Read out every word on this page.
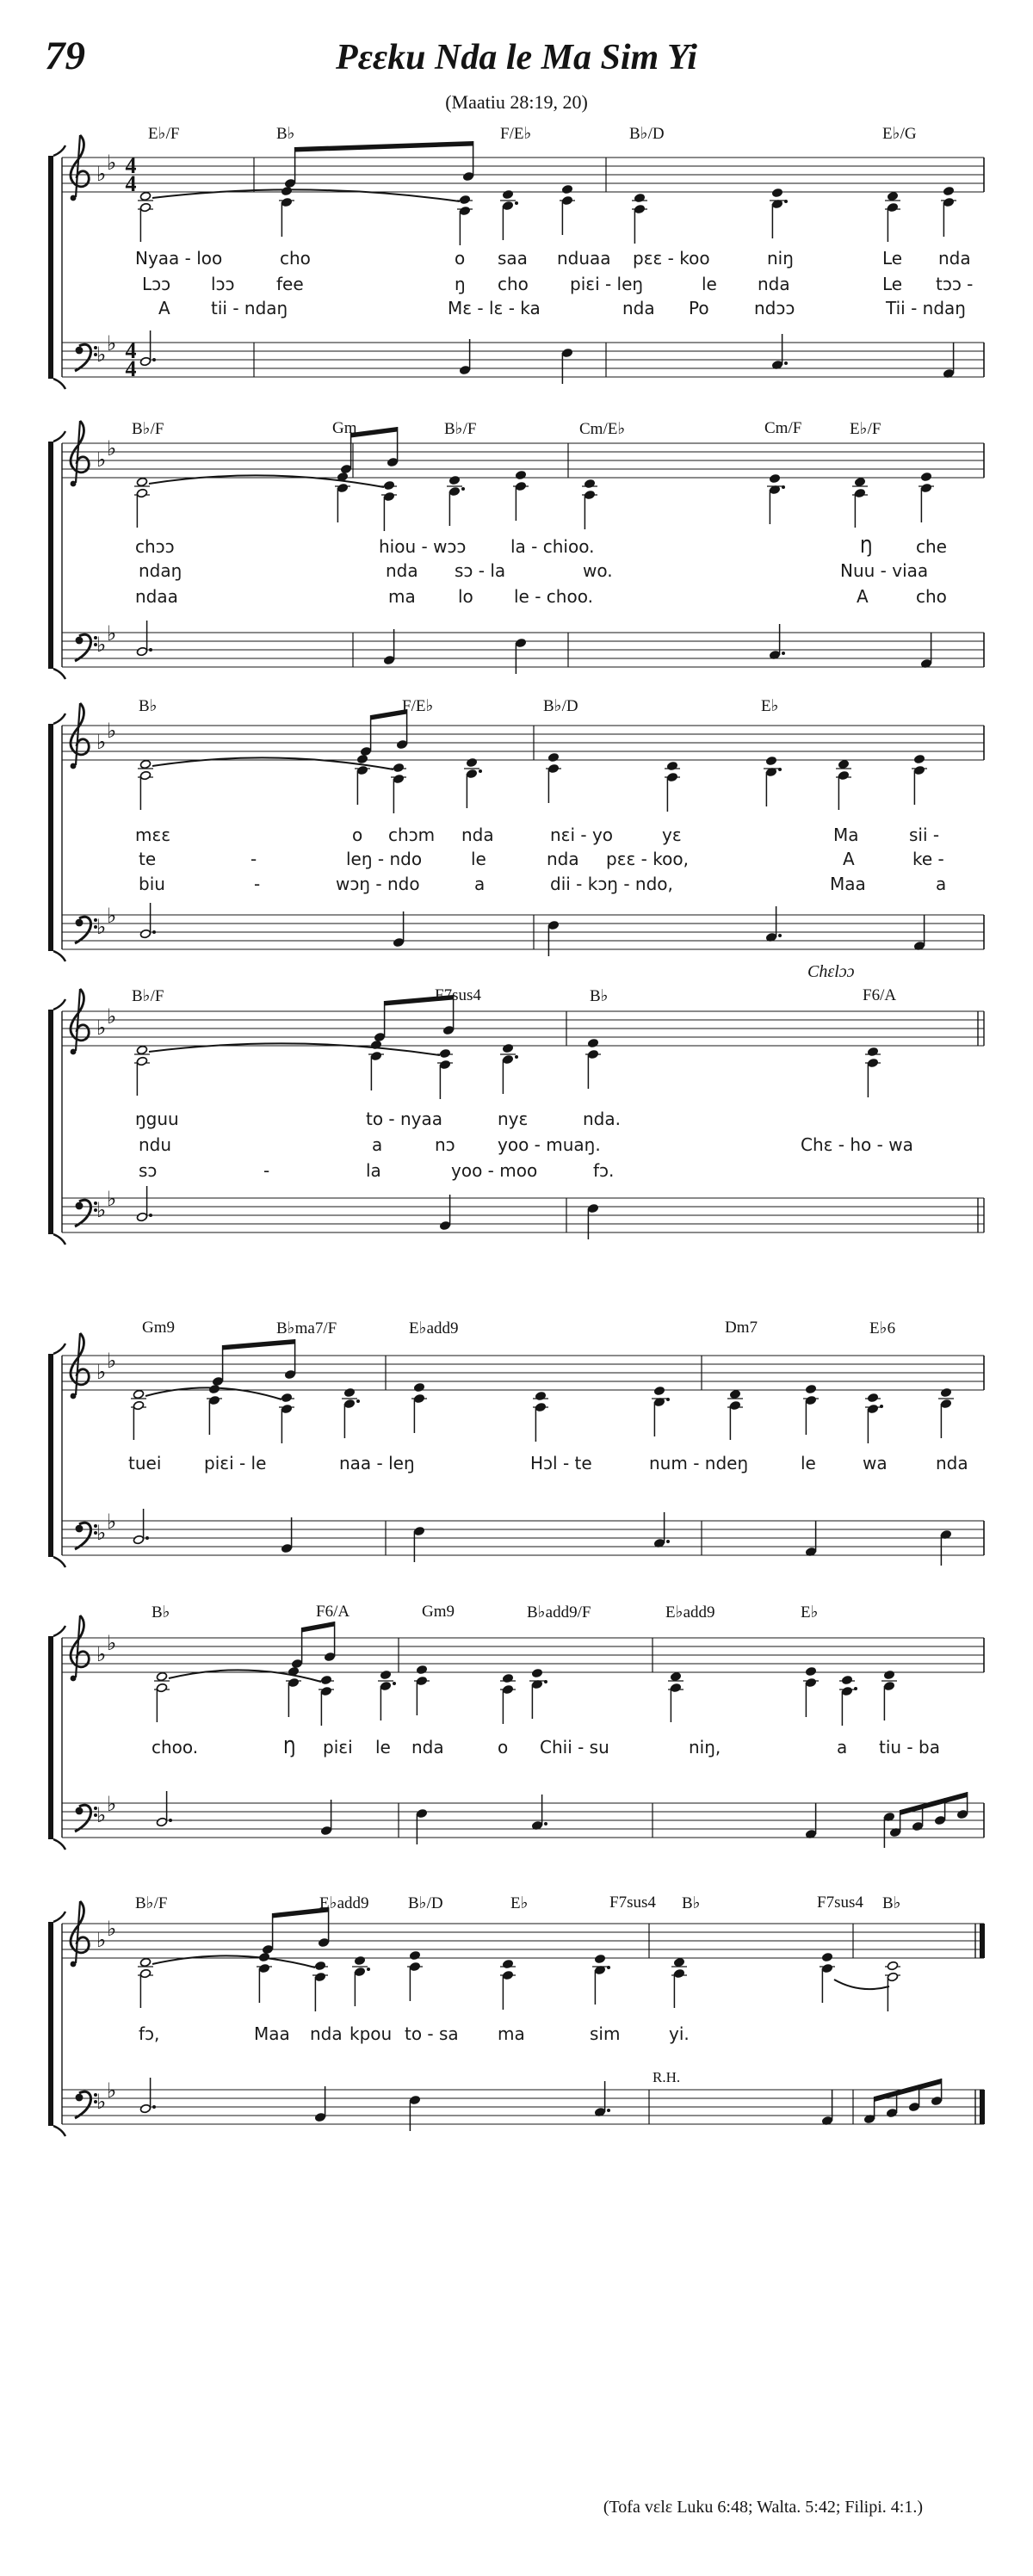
♭ ♭
♭ ♭
4
4
4
4
♭ ♭
♭ ♭
♭ ♭
♭ ♭
♭ ♭
♭ ♭
♭ ♭
♭ ♭
♭ ♭
♭ ♭
♭ ♭
♭ ♭
79	Pɛɛku Nda le Ma Sim Yi
(Maatiu 28:19, 20)
E♭/F	B♭	F/E♭	B♭/D	E♭/G
Nyaa - loo	cho	o saa nduaa pɛɛ - koo	niŋ	Le nda
Lɔɔ lɔɔ fee	ŋ cho piɛi - leŋ	le nda	Le tɔɔ -
A tii - ndaŋ	Mɛ - lɛ - ka	nda Po	ndɔɔ	Tii - ndaŋ
B♭/F	Gm	B♭/F	Cm/E♭	Cm/F	E♭/F
chɔɔ	hiou - wɔɔ	la - chioo.	Ŋ	che
ndaŋ	nda sɔ - la	wo.	Nuu - viaa
ndaa	ma lo le - choo.	A	cho
B♭	F/E♭	B♭/D	E♭
mɛɛ	o chɔm nda	nɛi - yo	yɛ	Ma	sii -
te	-	leŋ - ndo	le	nda pɛɛ - koo,	A	ke -
biu	-	wɔŋ - ndo	a	dii - kɔŋ - ndo,	Maa	a
B♭/F	F7sus4	B♭	F6/A
ŋguu	to - nyaa	nyɛ	nda.
ndu	a	nɔ yoo - muaŋ.	Chɛ - ho - wa
sɔ	-	la	yoo - moo	fɔ.
Chɛlɔɔ
Gm9	B♭ma7/F	E♭add9	Dm7	E♭6
tuei piɛi - le	naa - leŋ	Hɔl - te	num - ndeŋ	le	wa	nda
B♭	F6/A	Gm9	B♭add9/F	E♭add9	E♭
choo.	Ŋ piɛi le nda	o Chii - su	niŋ,	a tiu - ba
B♭/F	E♭add9 B♭/D	E♭	F7sus4 B♭	F7sus4 B♭
fɔ,	Maa nda kpou to - sa ma	sim	yi.
R.H.
(Tofa vɛlɛ Luku 6:48; Walta. 5:42; Filipi. 4:1.)
